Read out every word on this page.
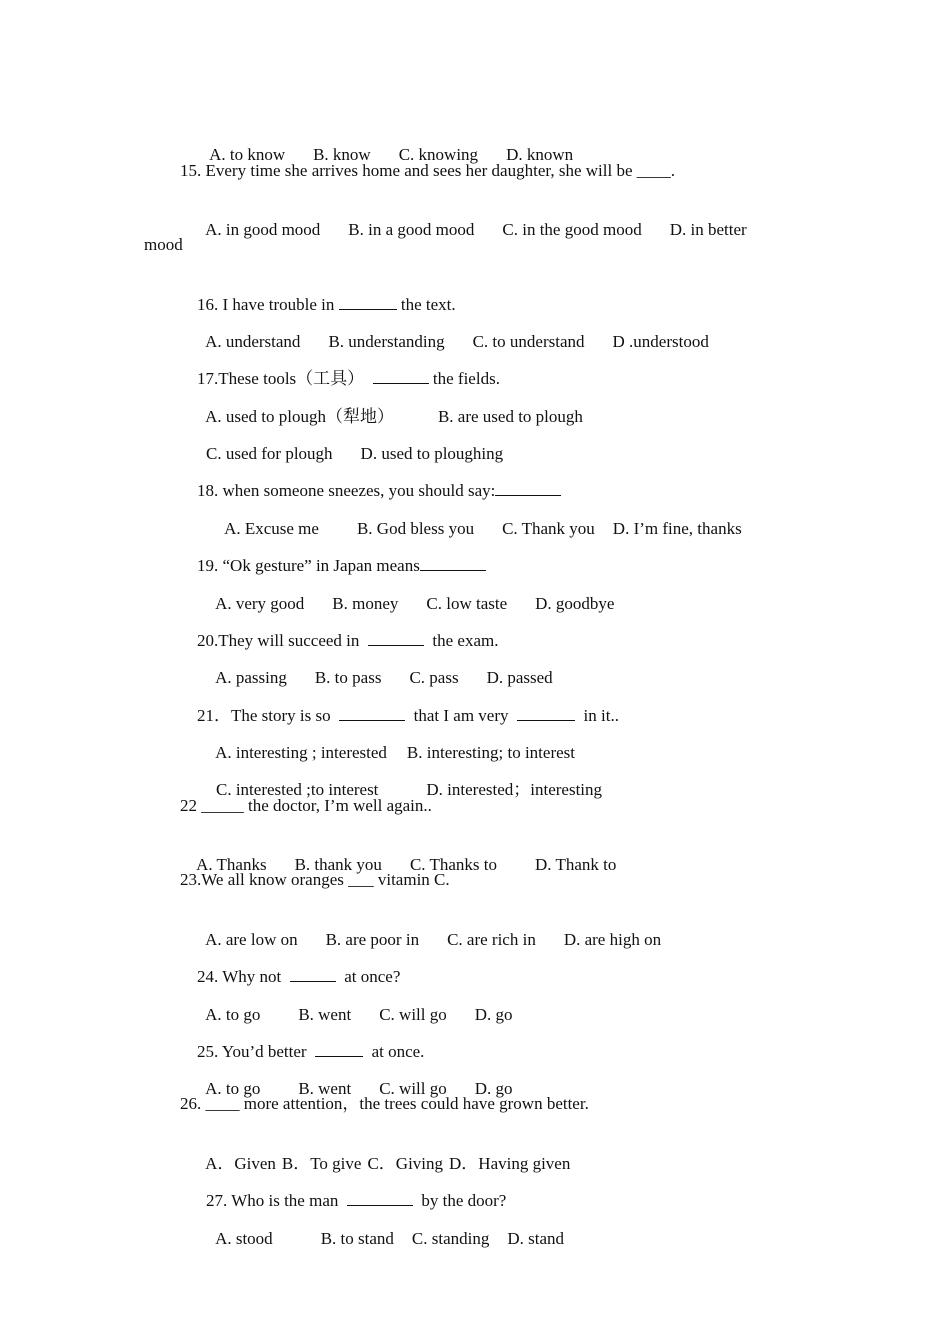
A. to know B. know C. knowing D. known

15. Every time she arrives home and sees her daughter, she will be ____.

A. in good mood B. in a good mood C. in the good mood D. in better

mood

16. I have trouble in	the text.

A. understand B. understanding C. to understand D .understood

17.These tools（工具）	the fields.

A. used to plough（犁地）	B. are used to plough

C. used for plough D. used to ploughing

18. when someone sneezes, you should say:

A. Excuse me B. God bless you C. Thank you D. I’m fine, thanks

19. “Ok gesture” in Japan means

A. very good B. money C. low taste D. goodbye

20.They will succeed in	the exam.

A. passing B. to pass C. pass D. passed

21．The story is so	that I am very	in it..

A. interesting ; interested B. interesting; to interest

C. interested ;to interest	D. interested；interesting

22 _____ the doctor, I’m well again..

A. Thanks B. thank you C. Thanks to D. Thank to

23.We all know oranges ___ vitamin C.

A. are low on B. are poor in C. are rich in D. are high on

24. Why not	at once?

A. to go B. went C. will go D. go

25. You’d better	at once.

A. to go B. went C. will go D. go

26. ____ more attention，the trees could have grown better.

A．Given B．To give C．Giving D．Having given

27. Who is the man	by the door?

A. stood	B. to stand C. standing D. stand
